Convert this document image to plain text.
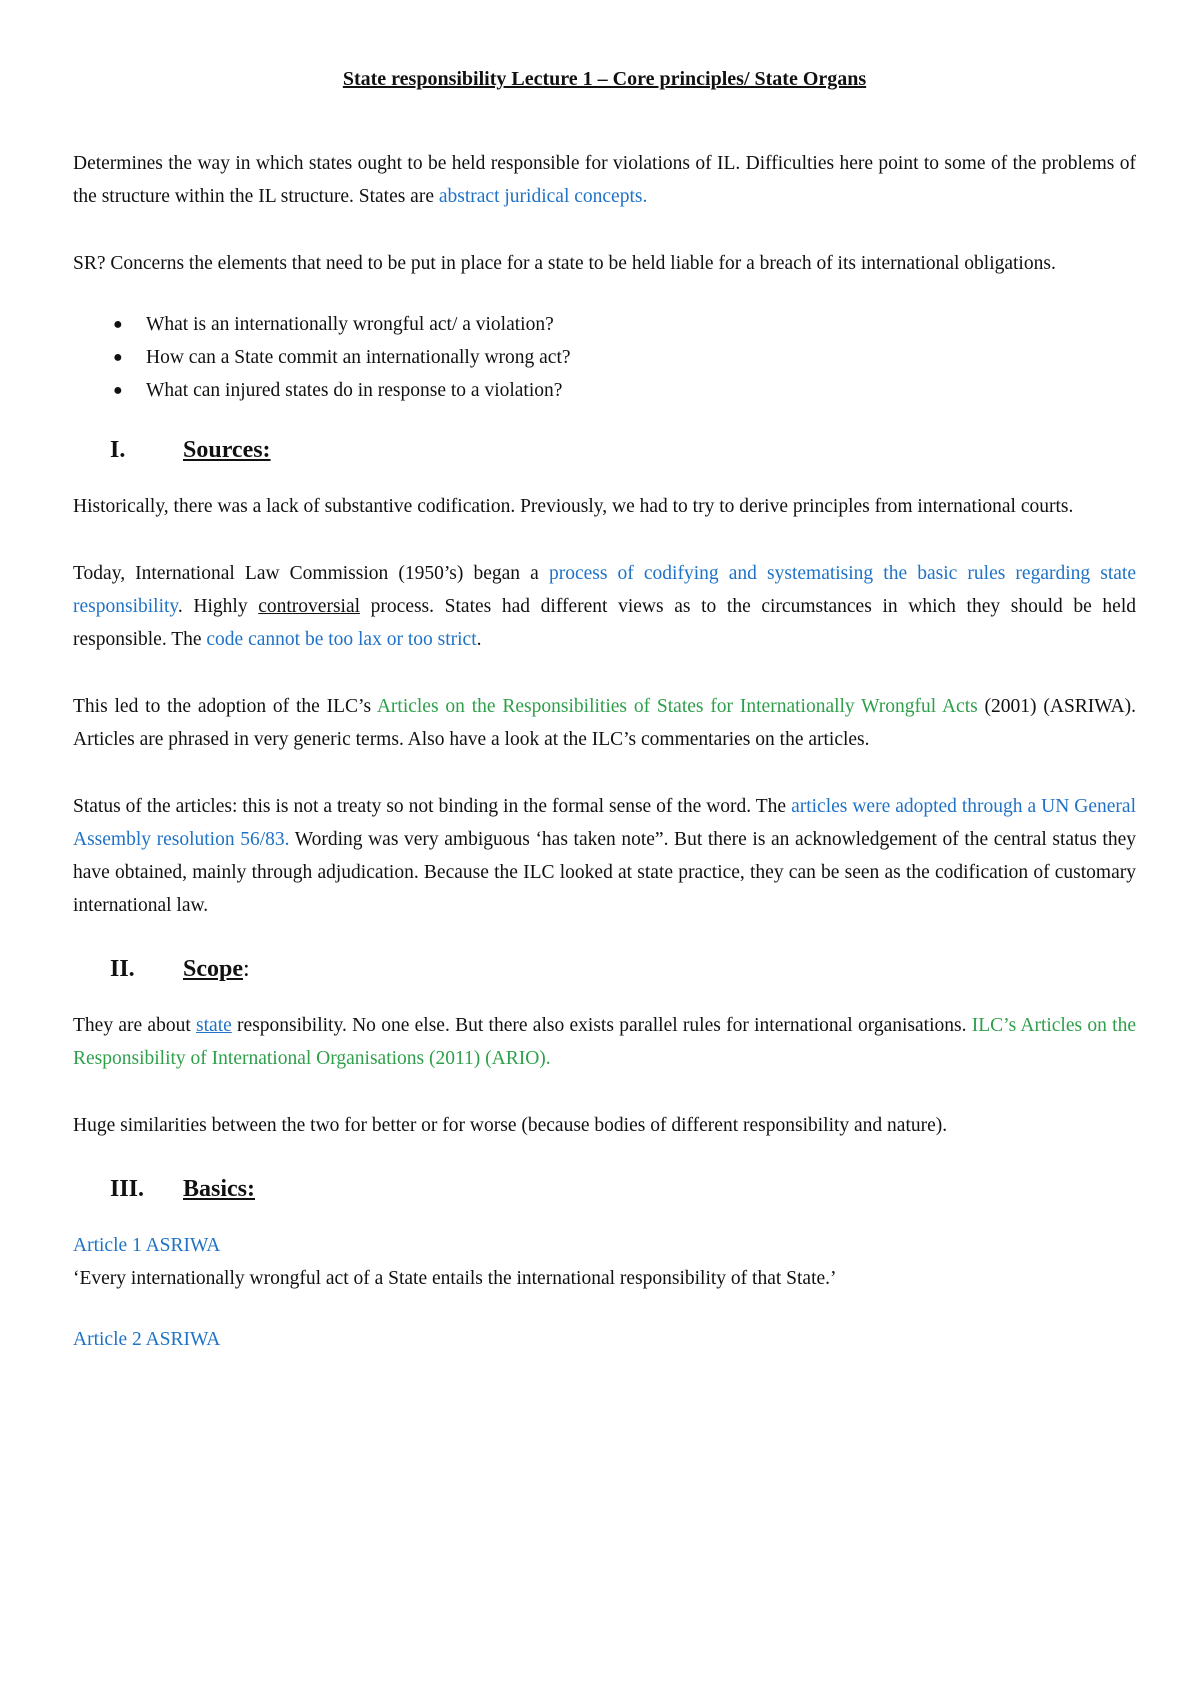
State responsibility Lecture 1 – Core principles/ State Organs

Determines the way in which states ought to be held responsible for violations of IL. Difficulties here point to some of the problems of the structure within the IL structure. States are abstract juridical concepts.

SR? Concerns the elements that need to be put in place for a state to be held liable for a breach of its international obligations.

● What is an internationally wrongful act/ a violation?
● How can a State commit an internationally wrong act?
● What can injured states do in response to a violation?
I.	Sources:

Historically, there was a lack of substantive codification. Previously, we had to try to derive principles from international courts.

Today, International Law Commission (1950’s) began a process of codifying and systematising the basic rules regarding state responsibility. Highly controversial process. States had different views as to the circumstances in which they should be held responsible. The code cannot be too lax or too strict.

This led to the adoption of the ILC’s Articles on the Responsibilities of States for Internationally Wrongful Acts (2001) (ASRIWA). Articles are phrased in very generic terms. Also have a look at the ILC’s commentaries on the articles.

Status of the articles: this is not a treaty so not binding in the formal sense of the word. The articles were adopted through a UN General Assembly resolution 56/83. Wording was very ambiguous ‘has taken note”. But there is an acknowledgement of the central status they have obtained, mainly through adjudication. Because the ILC looked at state practice, they can be seen as the codification of customary international law.

II.	Scope :

They are about state responsibility. No one else. But there also exists parallel rules for international organisations. ILC’s Articles on the Responsibility of International Organisations (2011) (ARIO).

Huge similarities between the two for better or for worse (because bodies of different responsibility and nature).

III.	Basics:

Article 1 ASRIWA

‘Every internationally wrongful act of a State entails the international responsibility of that State.’

Article 2 ASRIWA
